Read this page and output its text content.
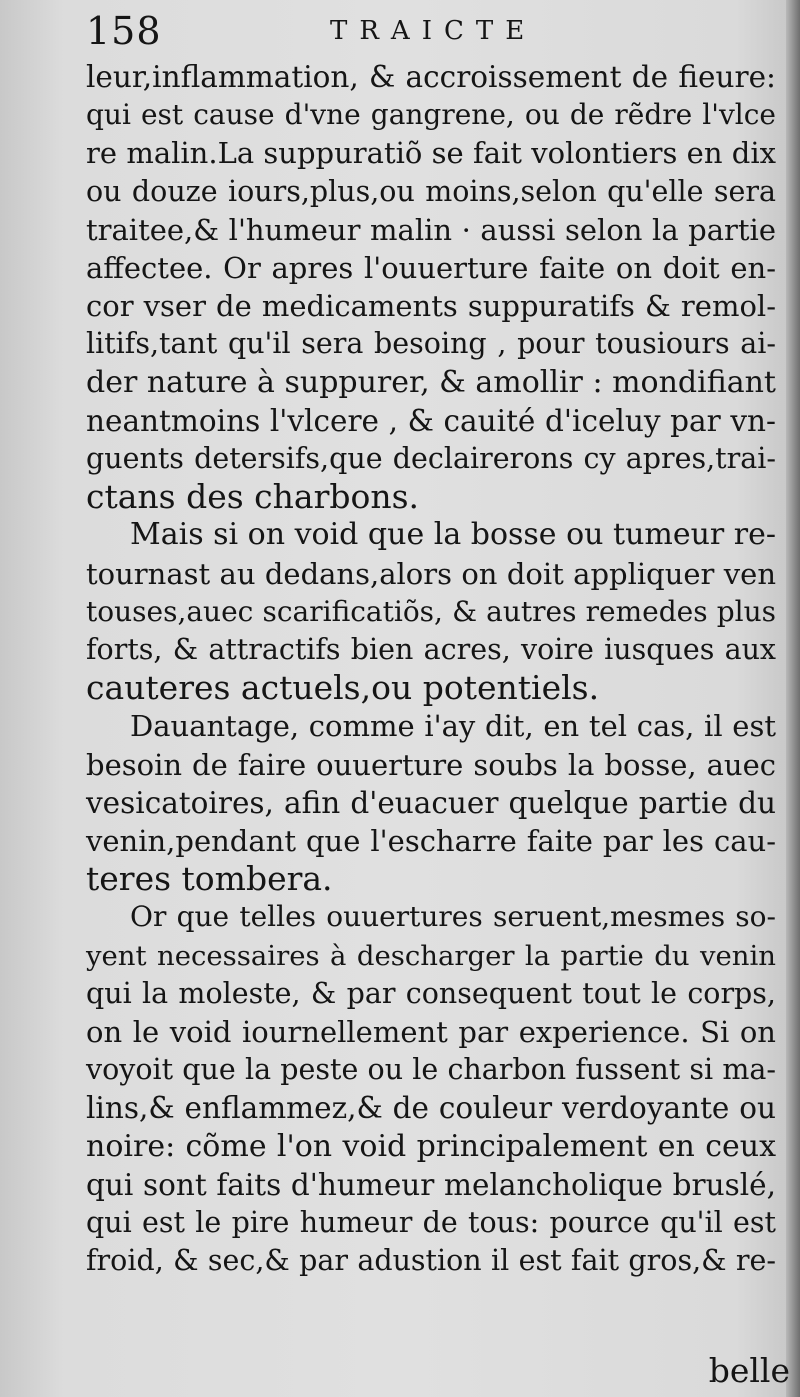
158	TRAICTE

leur,inflammation, & accroissement de fieure:
qui est cause d'vne gangrene, ou de rẽdre l'vlce
re malin.La suppuratiõ se fait volontiers en dix
ou douze iours,plus,ou moins,selon qu'elle sera
traitee,& l'humeur malin · aussi selon la partie
affectee. Or apres l'ouuerture faite on doit en-
cor vser de medicaments suppuratifs & remol-
litifs,tant qu'il sera besoing , pour tousiours ai-
der nature à suppurer, & amollir : mondifiant
neantmoins l'vlcere , & cauité d'iceluy par vn-
guents detersifs,que declairerons cy apres,trai-
ctans des charbons.

Mais si on void que la bosse ou tumeur re-
tournast au dedans,alors on doit appliquer ven
touses,auec scarificatiõs, & autres remedes plus
forts, & attractifs bien acres, voire iusques aux
cauteres actuels,ou potentiels.

Dauantage, comme i'ay dit, en tel cas, il est
besoin de faire ouuerture soubs la bosse, auec
vesicatoires, afin d'euacuer quelque partie du
venin,pendant que l'escharre faite par les cau-
teres tombera.

Or que telles ouuertures seruent,mesmes so-
yent necessaires à descharger la partie du venin
qui la moleste, & par consequent tout le corps,
on le void iournellement par experience. Si on
voyoit que la peste ou le charbon fussent si ma-
lins,& enflammez,& de couleur verdoyante ou
noire: cõme l'on void principalement en ceux
qui sont faits d'humeur melancholique bruslé,
qui est le pire humeur de tous: pource qu'il est
froid, & sec,& par adustion il est fait gros,& re-

belle
